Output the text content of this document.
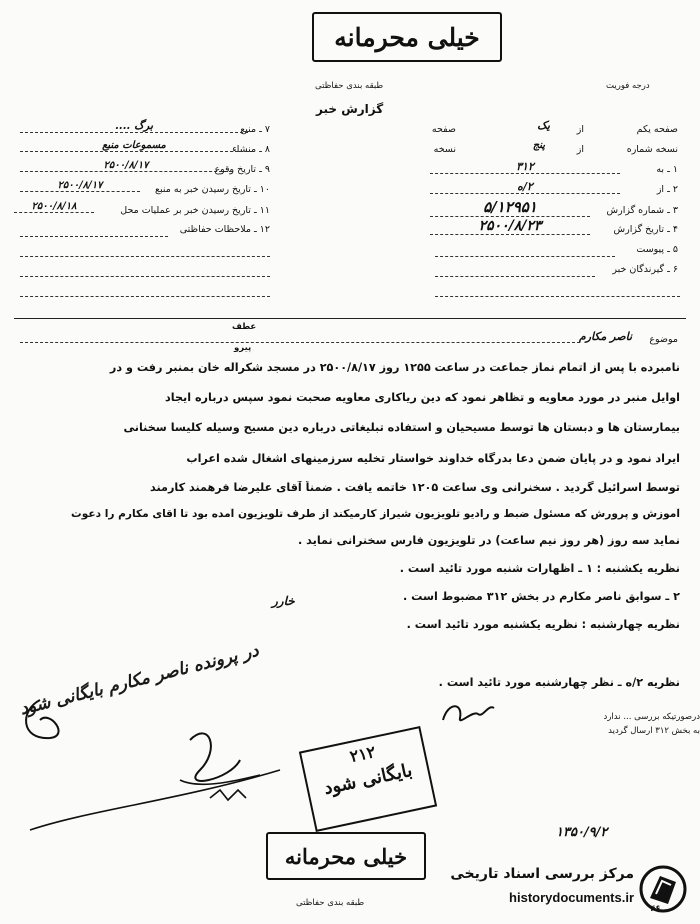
خیلی محرمانه
طبقه بندی حفاظتی	درجه فوریت
گزارش خبر
۷ ـ منبع
برگ ....
۸ ـ منشاء
مسموعات منبع
۹ ـ تاریخ وقوع
۲۵۰۰/۸/۱۷
۱۰ ـ تاریخ رسیدن خبر به منبع
۲۵۰۰/۸/۱۷
۱۱ ـ تاریخ رسیدن خبر بر عملیات محل
۲۵۰۰/۸/۱۸
۱۲ ـ ملاحظات حفاظتی
صفحه یکم
از
یک
صفحه
نسخه شماره
از
پنج
نسخه
۱ ـ به
۳۱۲
۲ ـ از
۲/ه
۳ ـ شماره گزارش
۵/۱۲۹۵۱
۴ ـ تاریخ گزارش
۲۵۰۰/۸/۲۳
۵ ـ پیوست
۶ ـ گیرندگان خبر
موضوع
ناصر مکارم
عطف
پیرو
نامبرده با پس از اتمام نماز جماعت در ساعت ۱۲۵۵ روز ۲۵۰۰/۸/۱۷ در مسجد شکراله خان بمنبر رفت و در
اوایل منبر در مورد معاویه و تظاهر نمود که دین ریاکاری معاویه صحبت نمود سپس درباره ایجاد
بیمارستان ها و دبستان ها توسط مسیحیان و استفاده تبلیغاتی درباره دین مسیح وسیله کلیسا سخنانی
ایراد نمود و در پایان ضمن دعا بدرگاه خداوند خواستار تخلیه سرزمینهای اشغال شده اعراب
توسط اسرائیل گردید . سخنرانی وی ساعت ۱۲۰۵ خاتمه یافت . ضمناً آقای علیرضا فرهمند کارمند
آموزش و پرورش که مسئول ضبط و رادیو تلویزیون شیراز کارمیکند از طرف تلویزیون آمده بود تا آقای مکارم را دعوت
نماید سه روز (هر روز نیم ساعت) در تلویزیون فارس سخنرانی نماید .
نظریه یکشنبه : ۱ ـ اظهارات شنبه مورد تائید است .
۲ ـ سوابق ناصر مکارم در بخش ۳۱۲ مضبوط است .
نظریه چهارشنبه : نظریه یکشنبه مورد تائید است .
نظریه ۲/ه ـ نظر چهارشنبه مورد تائید است .
خارر
در پرونده ناصر مکارم بایگانی شود	درصورتیکه بررسی ... ندارد
به بخش ۳۱۲ ارسال گردید
۲۱۲
بایگانی شود
۱۳۵۰/۹/۲
خیلی محرمانه
طبقه بندی حفاظتی
مرکز بررسی اسناد تاریخی
historydocuments.ir
۴۶
